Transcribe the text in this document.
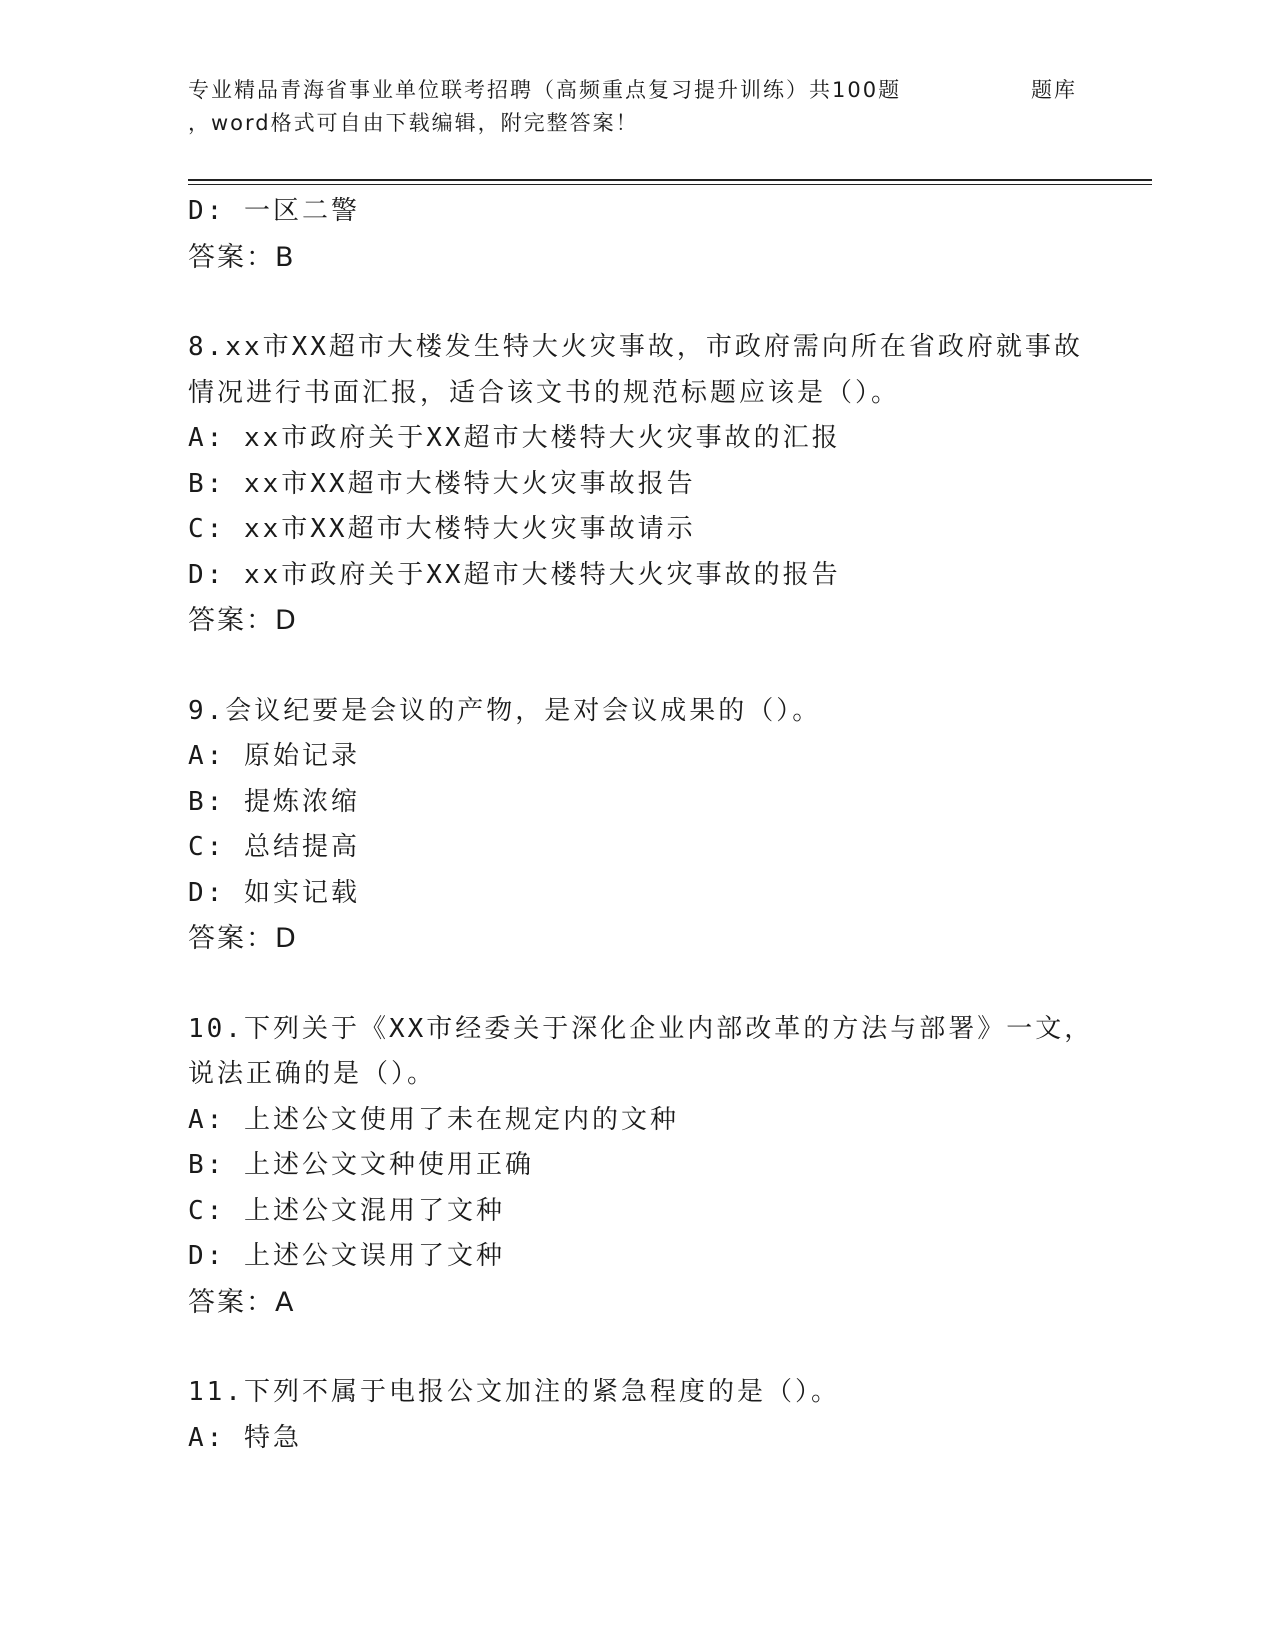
专业精品青海省事业单位联考招聘（高频重点复习提升训练）共100题	题库
，word格式可自由下载编辑，附完整答案！
D: 一区二警
答案：B
8.xx市XX超市大楼发生特大火灾事故，市政府需向所在省政府就事故
情况进行书面汇报，适合该文书的规范标题应该是（）。
A: xx市政府关于XX超市大楼特大火灾事故的汇报
B: xx市XX超市大楼特大火灾事故报告
C: xx市XX超市大楼特大火灾事故请示
D: xx市政府关于XX超市大楼特大火灾事故的报告
答案：D
9.会议纪要是会议的产物，是对会议成果的（）。
A: 原始记录
B: 提炼浓缩
C: 总结提高
D: 如实记载
答案：D
10.下列关于《XX市经委关于深化企业内部改革的方法与部署》一文，
说法正确的是（）。
A: 上述公文使用了未在规定内的文种
B: 上述公文文种使用正确
C: 上述公文混用了文种
D: 上述公文误用了文种
答案：A
11.下列不属于电报公文加注的紧急程度的是（）。
A: 特急
